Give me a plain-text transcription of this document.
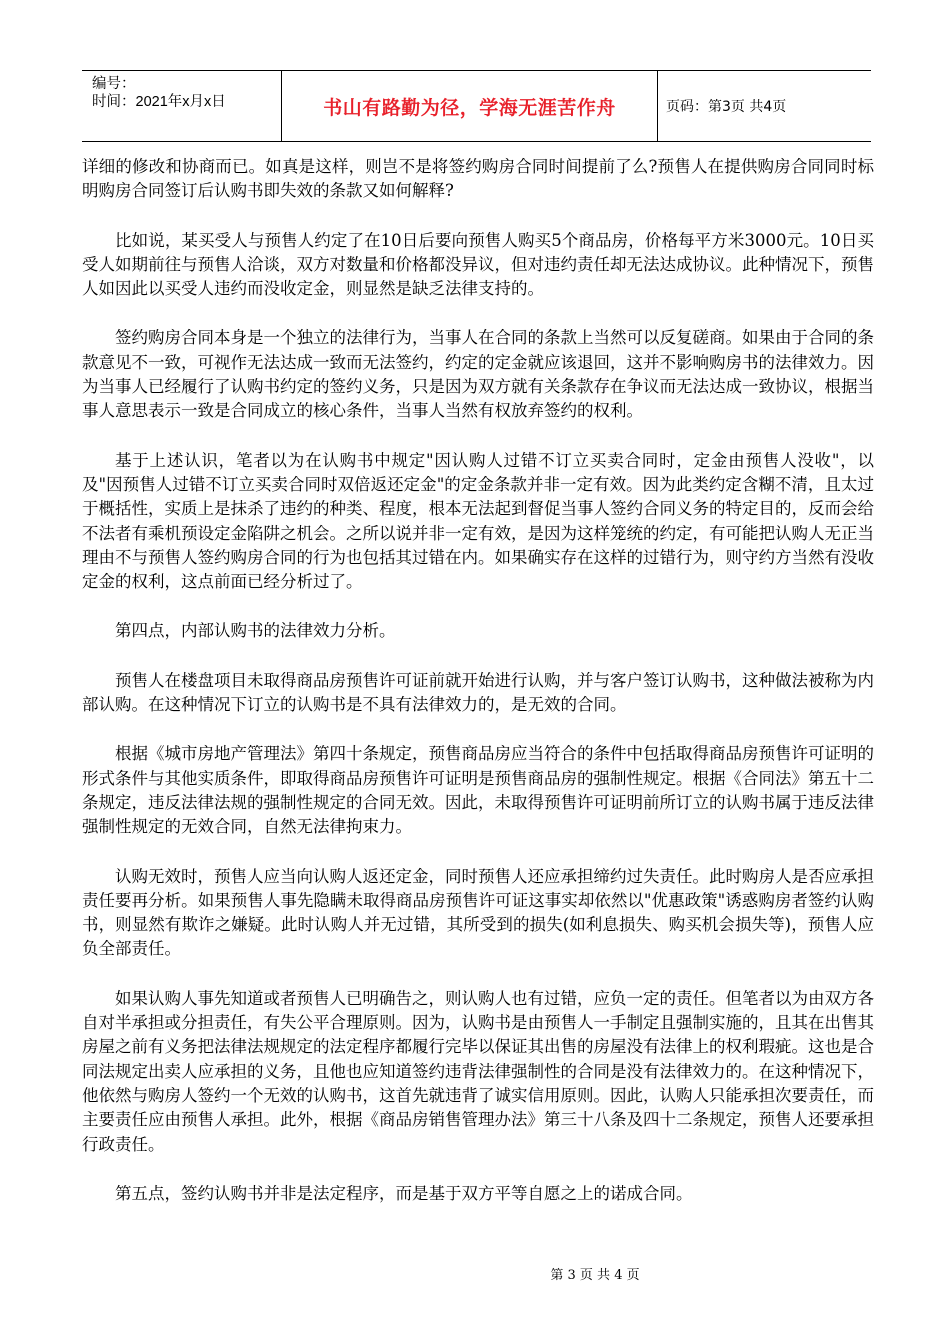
编号：
时间：2021年x月x日	书山有路勤为径，学海无涯苦作舟	页码：第3页 共4页

详细的修改和协商而已。如真是这样，则岂不是将签约购房合同时间提前了么?预售人在提供购房合同同时标明购房合同签订后认购书即失效的条款又如何解释?

比如说，某买受人与预售人约定了在10日后要向预售人购买5个商品房，价格每平方米3000元。10日买受人如期前往与预售人洽谈，双方对数量和价格都没异议，但对违约责任却无法达成协议。此种情况下，预售人如因此以买受人违约而没收定金，则显然是缺乏法律支持的。

签约购房合同本身是一个独立的法律行为，当事人在合同的条款上当然可以反复磋商。如果由于合同的条款意见不一致，可视作无法达成一致而无法签约，约定的定金就应该退回，这并不影响购房书的法律效力。因为当事人已经履行了认购书约定的签约义务，只是因为双方就有关条款存在争议而无法达成一致协议，根据当事人意思表示一致是合同成立的核心条件，当事人当然有权放弃签约的权利。

基于上述认识，笔者以为在认购书中规定"因认购人过错不订立买卖合同时，定金由预售人没收"，以及"因预售人过错不订立买卖合同时双倍返还定金"的定金条款并非一定有效。因为此类约定含糊不清，且太过于概括性，实质上是抹杀了违约的种类、程度，根本无法起到督促当事人签约合同义务的特定目的，反而会给不法者有乘机预设定金陷阱之机会。之所以说并非一定有效，是因为这样笼统的约定，有可能把认购人无正当理由不与预售人签约购房合同的行为也包括其过错在内。如果确实存在这样的过错行为，则守约方当然有没收定金的权利，这点前面已经分析过了。

第四点，内部认购书的法律效力分析。

预售人在楼盘项目未取得商品房预售许可证前就开始进行认购，并与客户签订认购书，这种做法被称为内部认购。在这种情况下订立的认购书是不具有法律效力的，是无效的合同。

根据《城市房地产管理法》第四十条规定，预售商品房应当符合的条件中包括取得商品房预售许可证明的形式条件与其他实质条件，即取得商品房预售许可证明是预售商品房的强制性规定。根据《合同法》第五十二条规定，违反法律法规的强制性规定的合同无效。因此，未取得预售许可证明前所订立的认购书属于违反法律强制性规定的无效合同，自然无法律拘束力。

认购无效时，预售人应当向认购人返还定金，同时预售人还应承担缔约过失责任。此时购房人是否应承担责任要再分析。如果预售人事先隐瞒未取得商品房预售许可证这事实却依然以"优惠政策"诱惑购房者签约认购书，则显然有欺诈之嫌疑。此时认购人并无过错，其所受到的损失(如利息损失、购买机会损失等)，预售人应负全部责任。

如果认购人事先知道或者预售人已明确告之，则认购人也有过错，应负一定的责任。但笔者以为由双方各自对半承担或分担责任，有失公平合理原则。因为，认购书是由预售人一手制定且强制实施的，且其在出售其房屋之前有义务把法律法规规定的法定程序都履行完毕以保证其出售的房屋没有法律上的权利瑕疵。这也是合同法规定出卖人应承担的义务，且他也应知道签约违背法律强制性的合同是没有法律效力的。在这种情况下，他依然与购房人签约一个无效的认购书，这首先就违背了诚实信用原则。因此，认购人只能承担次要责任，而主要责任应由预售人承担。此外，根据《商品房销售管理办法》第三十八条及四十二条规定，预售人还要承担行政责任。

第五点，签约认购书并非是法定程序，而是基于双方平等自愿之上的诺成合同。

第 3 页 共 4 页
